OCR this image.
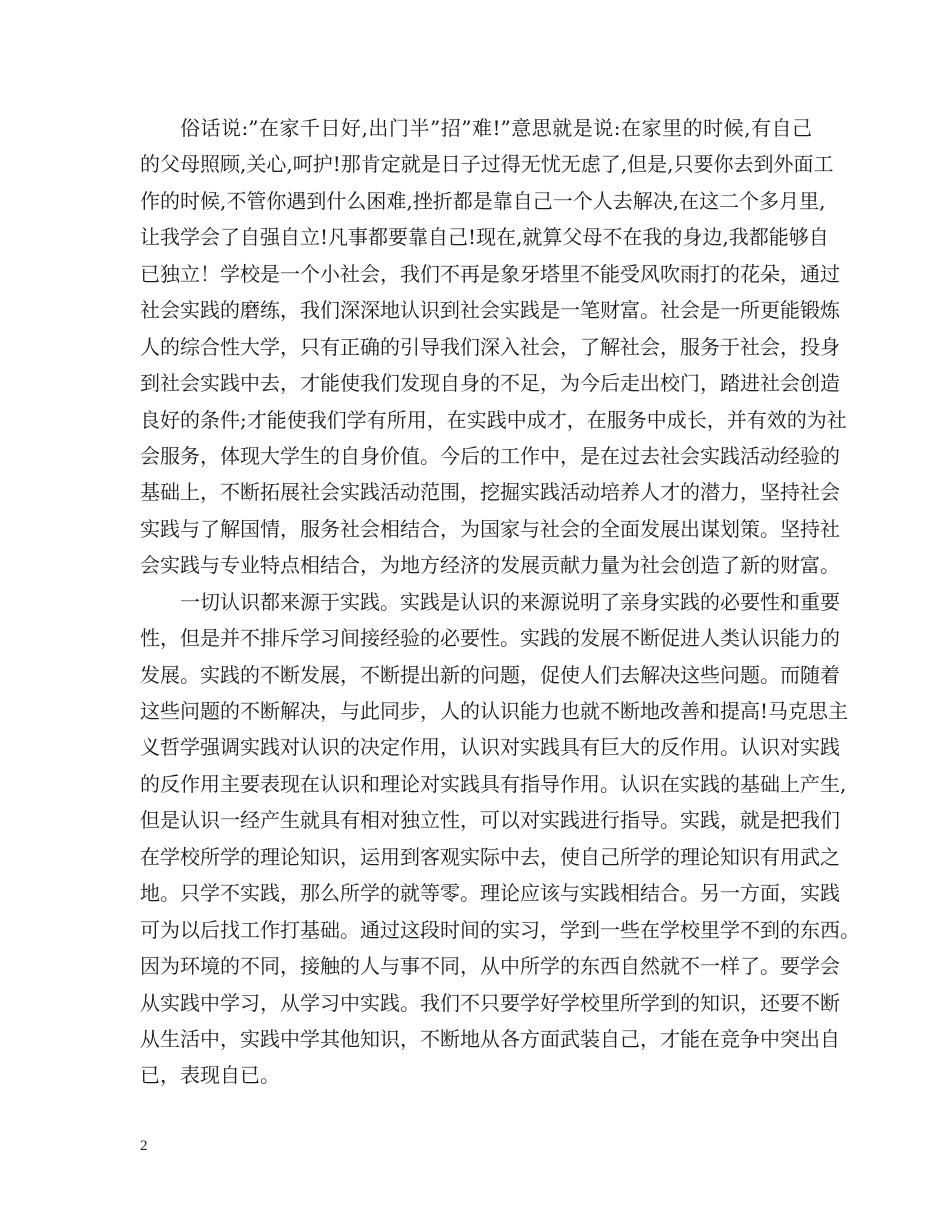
俗话说:”在家千日好,出门半”招”难!”意思就是说:在家里的时候,有自己
的父母照顾,关心,呵护!那肯定就是日子过得无忧无虑了,但是,只要你去到外面工
作的时候,不管你遇到什么困难,挫折都是靠自己一个人去解决,在这二个多月里,
让我学会了自强自立!凡事都要靠自己!现在,就算父母不在我的身边,我都能够自
已独立！学校是一个小社会，我们不再是象牙塔里不能受风吹雨打的花朵，通过
社会实践的磨练，我们深深地认识到社会实践是一笔财富。社会是一所更能锻炼
人的综合性大学，只有正确的引导我们深入社会，了解社会，服务于社会，投身
到社会实践中去，才能使我们发现自身的不足，为今后走出校门，踏进社会创造
良好的条件;才能使我们学有所用，在实践中成才，在服务中成长，并有效的为社
会服务，体现大学生的自身价值。今后的工作中，是在过去社会实践活动经验的
基础上，不断拓展社会实践活动范围，挖掘实践活动培养人才的潜力，坚持社会
实践与了解国情，服务社会相结合，为国家与社会的全面发展出谋划策。坚持社
会实践与专业特点相结合，为地方经济的发展贡献力量为社会创造了新的财富。
一切认识都来源于实践。实践是认识的来源说明了亲身实践的必要性和重要
性，但是并不排斥学习间接经验的必要性。实践的发展不断促进人类认识能力的
发展。实践的不断发展，不断提出新的问题，促使人们去解决这些问题。而随着
这些问题的不断解决，与此同步，人的认识能力也就不断地改善和提高!马克思主
义哲学强调实践对认识的决定作用，认识对实践具有巨大的反作用。认识对实践
的反作用主要表现在认识和理论对实践具有指导作用。认识在实践的基础上产生,
但是认识一经产生就具有相对独立性，可以对实践进行指导。实践，就是把我们
在学校所学的理论知识，运用到客观实际中去，使自己所学的理论知识有用武之
地。只学不实践，那么所学的就等零。理论应该与实践相结合。另一方面，实践
可为以后找工作打基础。通过这段时间的实习，学到一些在学校里学不到的东西。
因为环境的不同，接触的人与事不同，从中所学的东西自然就不一样了。要学会
从实践中学习，从学习中实践。我们不只要学好学校里所学到的知识，还要不断
从生活中，实践中学其他知识，不断地从各方面武装自己，才能在竞争中突出自
已，表现自已。
2
